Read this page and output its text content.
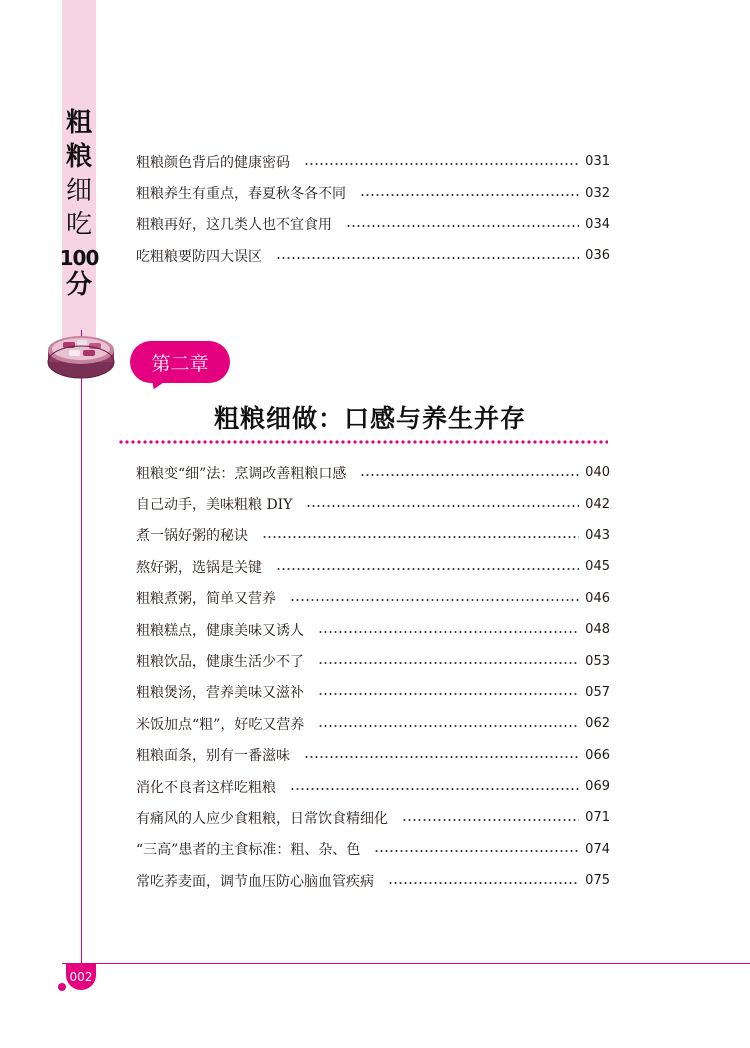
粗
粮
细
吃
100
分
粗粮颜色背后的健康密码	031
粗粮养生有重点，春夏秋冬各不同	032
粗粮再好，这几类人也不宜食用	034
吃粗粮要防四大误区	036
第二章
粗粮细做：口感与养生并存
粗粮变“细”法：烹调改善粗粮口感	040
自己动手，美味粗粮 DIY	042
煮一锅好粥的秘诀	043
熬好粥，选锅是关键	045
粗粮煮粥，简单又营养	046
粗粮糕点，健康美味又诱人	048
粗粮饮品，健康生活少不了	053
粗粮煲汤，营养美味又滋补	057
米饭加点“粗”，好吃又营养	062
粗粮面条，别有一番滋味	066
消化不良者这样吃粗粮	069
有痛风的人应少食粗粮，日常饮食精细化	071
“三高”患者的主食标准：粗、杂、色	074
常吃荞麦面，调节血压防心脑血管疾病	075
002
